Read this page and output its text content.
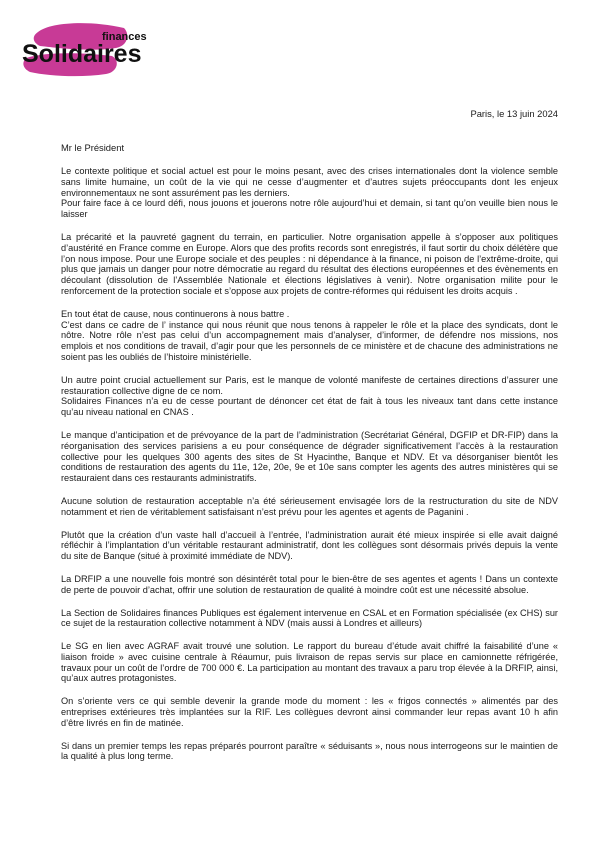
Solidaires
finances
Paris, le 13 juin 2024
Mr le Président

Le contexte politique et social actuel est pour le moins pesant, avec des crises internationales dont la violence semble sans limite humaine, un coût de la vie qui ne cesse d’augmenter et d’autres sujets préoccupants dont les enjeux environnementaux ne sont assurément pas les derniers.
Pour faire face à ce lourd défi, nous jouons et jouerons notre rôle aujourd’hui et demain, si tant qu’on veuille bien nous le laisser

La précarité et la pauvreté gagnent du terrain, en particulier. Notre organisation appelle à s’opposer aux politiques d’austérité en France comme en Europe. Alors que des profits records sont enregistrés, il faut sortir du choix délétère que l’on nous impose. Pour une Europe sociale et des peuples : ni dépendance à la finance, ni poison de l’extrême-droite, qui plus que jamais un danger pour notre démocratie au regard du résultat des élections européennes et des évènements en découlant (dissolution de l’Assemblée Nationale et élections législatives à venir). Notre organisation milite pour le renforcement de la protection sociale et s’oppose aux projets de contre-réformes qui réduisent les droits acquis .

En tout état de cause, nous continuerons à nous battre .
C’est dans ce cadre de l’ instance qui nous réunit que nous tenons à rappeler le rôle et la place des syndicats, dont le nôtre. Notre rôle n’est pas celui d’un accompagnement mais d’analyser, d’informer, de défendre nos missions, nos emplois et nos conditions de travail, d’agir pour que les personnels de ce ministère et de chacune des administrations ne soient pas les oubliés de l’histoire ministérielle.

Un autre point crucial actuellement sur Paris, est le manque de volonté manifeste de certaines directions d’assurer une restauration collective digne de ce nom.
Solidaires Finances n’a eu de cesse pourtant de dénoncer cet état de fait à tous les niveaux tant dans cette instance qu’au niveau national en CNAS .

Le manque d’anticipation et de prévoyance de la part de l’administration (Secrétariat Général, DGFIP et DR-FIP) dans la réorganisation des services parisiens a eu pour conséquence de dégrader significativement l’accès à la restauration collective pour les quelques 300 agents des sites de St Hyacinthe, Banque et NDV. Et va désorganiser bientôt les conditions de restauration des agents du 11e, 12e, 20e, 9e et 10e sans compter les agents des autres ministères qui se restauraient dans ces restaurants administratifs.

Aucune solution de restauration acceptable n’a été sérieusement envisagée lors de la restructuration du site de NDV notamment et rien de véritablement satisfaisant n’est prévu pour les agentes et agents de Paganini .

Plutôt que la création d’un vaste hall d’accueil à l’entrée, l’administration aurait été mieux inspirée si elle avait daigné réfléchir à l’implantation d’un véritable restaurant administratif, dont les collègues sont désormais privés depuis la vente du site de Banque (situé à proximité immédiate de NDV).

La DRFIP a une nouvelle fois montré son désintérêt total pour le bien-être de ses agentes et agents ! Dans un contexte de perte de pouvoir d’achat, offrir une solution de restauration de qualité à moindre coût est une nécessité absolue.

La Section de Solidaires finances Publiques est également intervenue en CSAL et en Formation spécialisée (ex CHS) sur ce sujet de la restauration collective notamment à NDV (mais aussi à Londres et ailleurs)

Le SG en lien avec AGRAF avait trouvé une solution. Le rapport du bureau d’étude avait chiffré la faisabilité d’une « liaison froide » avec cuisine centrale à Réaumur, puis livraison de repas servis sur place en camionnette réfrigérée, travaux pour un coût de l’ordre de 700 000 €. La participation au montant des travaux a paru trop élevée à la DRFIP, ainsi, qu’aux autres protagonistes.

On s’oriente vers ce qui semble devenir la grande mode du moment : les « frigos connectés » alimentés par des entreprises extérieures très implantées sur la RIF. Les collègues devront ainsi commander leur repas avant 10 h afin d’être livrés en fin de matinée.

Si dans un premier temps les repas préparés pourront paraître « séduisants », nous nous interrogeons sur le maintien de la qualité à plus long terme.
